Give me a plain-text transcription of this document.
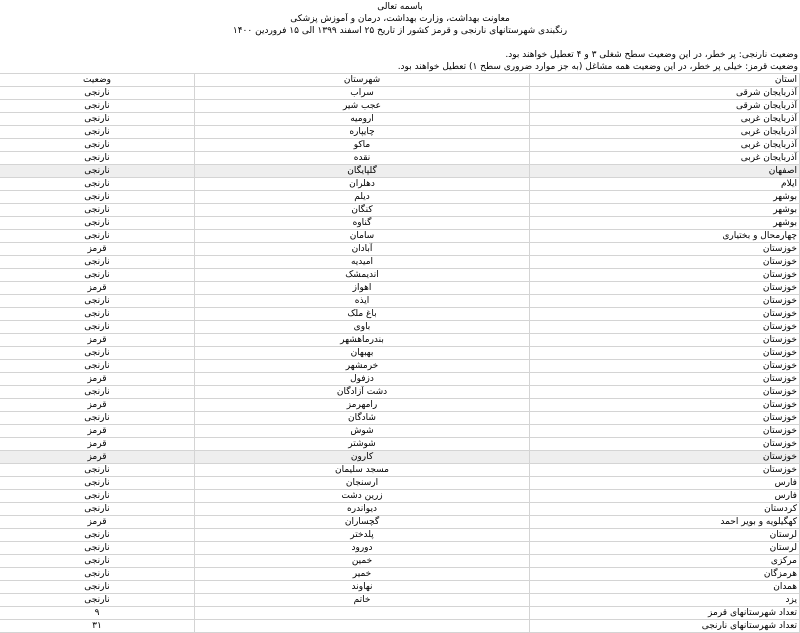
باسمه تعالی
معاونت بهداشت، وزارت بهداشت، درمان و آموزش پزشکی
رنگبندی شهرستانهای نارنجی و قرمز کشور از تاریخ ۲۵ اسفند ۱۳۹۹ الی ۱۵ فروردین ۱۴۰۰
وضعیت نارنجی: پر خطر، در این وضعیت سطح شغلی ۳ و ۴ تعطیل خواهند بود.
وضعیت قرمز: خیلی پر خطر، در این وضعیت همه مشاغل (به جز موارد ضروری سطح ۱) تعطیل خواهند بود.
استان	شهرستان	وضعیت
آذربایجان شرقی	سراب	نارنجی
آذربایجان شرقی	عجب شیر	نارنجی
آذربایجان غربی	ارومیه	نارنجی
آذربایجان غربی	چایپاره	نارنجی
آذربایجان غربی	ماکو	نارنجی
آذربایجان غربی	نقده	نارنجی
اصفهان	گلپایگان	نارنجی
ایلام	دهلران	نارنجی
بوشهر	دیلم	نارنجی
بوشهر	کنگان	نارنجی
بوشهر	گناوه	نارنجی
چهارمحال و بختیاری	سامان	نارنجی
خوزستان	آبادان	قرمز
خوزستان	امیدیه	نارنجی
خوزستان	اندیمشک	نارنجی
خوزستان	اهواز	قرمز
خوزستان	ایذه	نارنجی
خوزستان	باغ ملک	نارنجی
خوزستان	باوی	نارنجی
خوزستان	بندرماهشهر	قرمز
خوزستان	بهبهان	نارنجی
خوزستان	خرمشهر	نارنجی
خوزستان	دزفول	قرمز
خوزستان	دشت آزادگان	نارنجی
خوزستان	رامهرمز	قرمز
خوزستان	شادگان	نارنجی
خوزستان	شوش	قرمز
خوزستان	شوشتر	قرمز
خوزستان	کارون	قرمز
خوزستان	مسجد سلیمان	نارنجی
فارس	ارسنجان	نارنجی
فارس	زرین دشت	نارنجی
کردستان	دیواندره	نارنجی
کهگیلویه و بویر احمد	گچساران	قرمز
لرستان	پلدختر	نارنجی
لرستان	دورود	نارنجی
مرکزی	خمین	نارنجی
هرمزگان	خمیر	نارنجی
همدان	نهاوند	نارنجی
یزد	خاتم	نارنجی
تعداد شهرستانهای قرمز		۹
تعداد شهرستانهای نارنجی		۳۱
